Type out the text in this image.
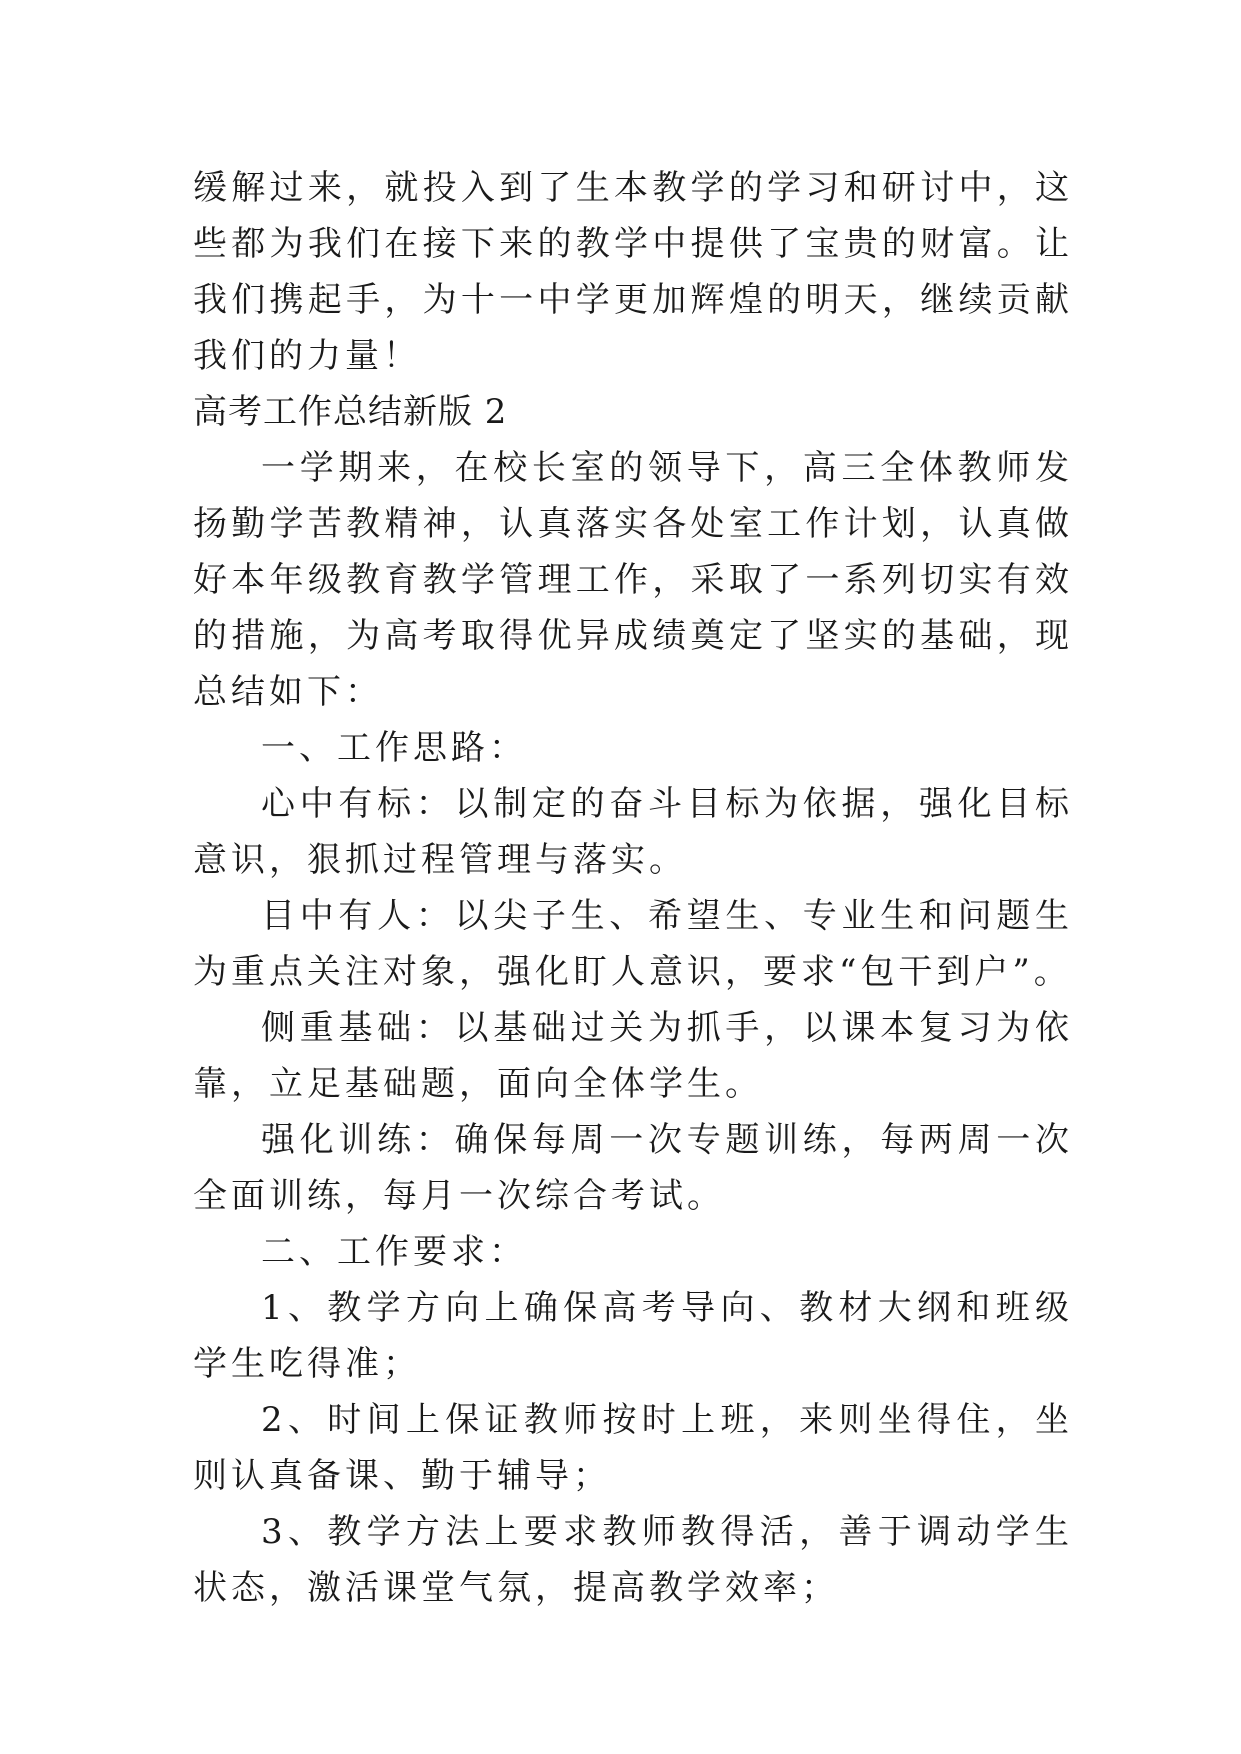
缓解过来，就投入到了生本教学的学习和研讨中，这些都为我们在接下来的教学中提供了宝贵的财富。让我们携起手，为十一中学更加辉煌的明天，继续贡献我们的力量！

高考工作总结新版 2

一学期来，在校长室的领导下，高三全体教师发扬勤学苦教精神，认真落实各处室工作计划，认真做好本年级教育教学管理工作，采取了一系列切实有效的措施，为高考取得优异成绩奠定了坚实的基础，现总结如下：

一、工作思路：

心中有标：以制定的奋斗目标为依据，强化目标意识，狠抓过程管理与落实。

目中有人：以尖子生、希望生、专业生和问题生为重点关注对象，强化盯人意识，要求“包干到户”。

侧重基础：以基础过关为抓手，以课本复习为依靠，立足基础题，面向全体学生。

强化训练：确保每周一次专题训练，每两周一次全面训练，每月一次综合考试。

二、工作要求：

1、教学方向上确保高考导向、教材大纲和班级学生吃得准；

2、时间上保证教师按时上班，来则坐得住，坐则认真备课、勤于辅导；

3、教学方法上要求教师教得活，善于调动学生状态，激活课堂气氛，提高教学效率；
